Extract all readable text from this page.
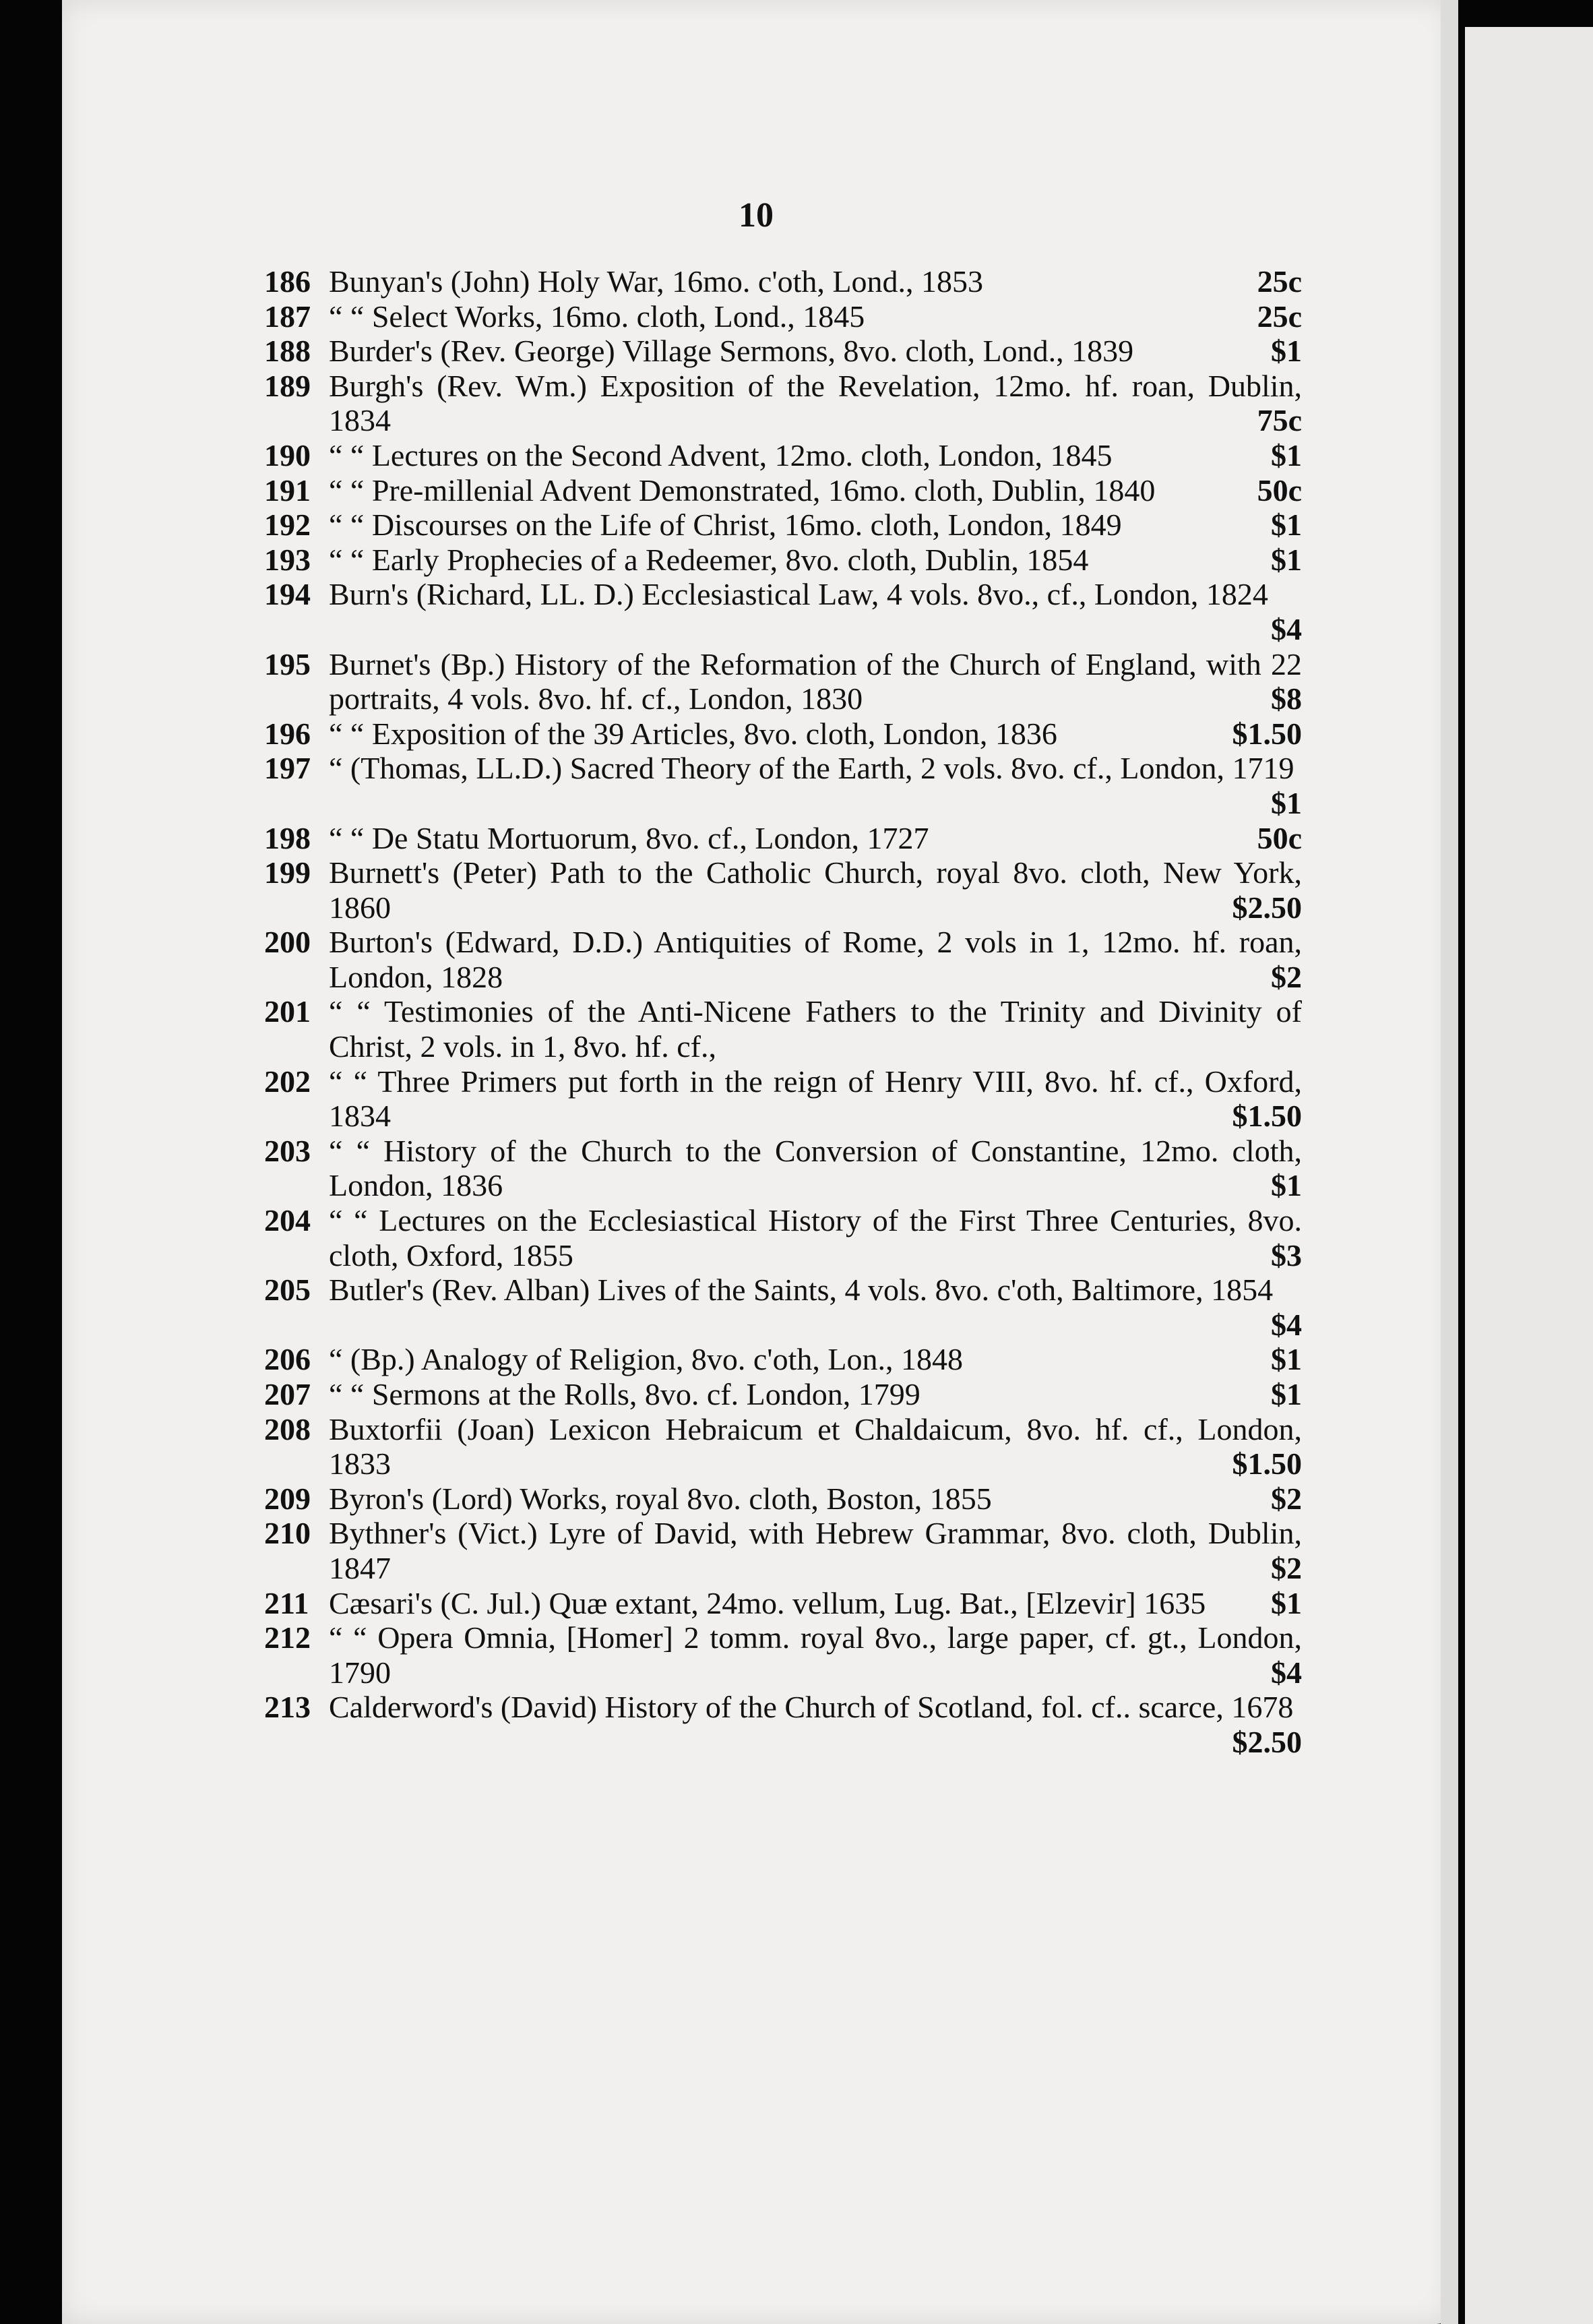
10
186 Bunyan's (John) Holy War, 16mo. c'oth, Lond., 1853	25c
187 “ “ Select Works, 16mo. cloth, Lond., 1845	25c
188 Burder's (Rev. George) Village Sermons, 8vo. cloth, Lond., 1839	$1
189 Burgh's (Rev. Wm.) Exposition of the Revelation, 12mo. hf. roan, Dublin, 1834	75c
190 “ “ Lectures on the Second Advent, 12mo. cloth, London, 1845	$1
191 “ “ Pre-millenial Advent Demonstrated, 16mo. cloth, Dublin, 1840	50c
192 “ “ Discourses on the Life of Christ, 16mo. cloth, London, 1849	$1
193 “ “ Early Prophecies of a Redeemer, 8vo. cloth, Dublin, 1854	$1
194 Burn's (Richard, LL. D.) Ecclesiastical Law, 4 vols. 8vo., cf., London, 1824
$4
195 Burnet's (Bp.) History of the Reformation of the Church of England, with 22 portraits, 4 vols. 8vo. hf. cf., London, 1830	$8
196 “ “ Exposition of the 39 Articles, 8vo. cloth, London, 1836	$1.50
197 “ (Thomas, LL.D.) Sacred Theory of the Earth, 2 vols. 8vo. cf., London, 1719
$1
198 “ “ De Statu Mortuorum, 8vo. cf., London, 1727	50c
199 Burnett's (Peter) Path to the Catholic Church, royal 8vo. cloth, New York, 1860	$2.50
200 Burton's (Edward, D.D.) Antiquities of Rome, 2 vols in 1, 12mo. hf. roan, London, 1828	$2
201 “ “ Testimonies of the Anti-Nicene Fathers to the Trinity and Divinity of Christ, 2 vols. in 1, 8vo. hf. cf.,
202 “ “ Three Primers put forth in the reign of Henry VIII, 8vo. hf. cf., Oxford, 1834	$1.50
203 “ “ History of the Church to the Conversion of Constantine, 12mo. cloth, London, 1836	$1
204 “ “ Lectures on the Ecclesiastical History of the First Three Centuries, 8vo. cloth, Oxford, 1855	$3
205 Butler's (Rev. Alban) Lives of the Saints, 4 vols. 8vo. c'oth, Baltimore, 1854
$4
206 “ (Bp.) Analogy of Religion, 8vo. c'oth, Lon., 1848	$1
207 “ “ Sermons at the Rolls, 8vo. cf. London, 1799	$1
208 Buxtorfii (Joan) Lexicon Hebraicum et Chaldaicum, 8vo. hf. cf., London, 1833	$1.50
209 Byron's (Lord) Works, royal 8vo. cloth, Boston, 1855	$2
210 Bythner's (Vict.) Lyre of David, with Hebrew Grammar, 8vo. cloth, Dublin, 1847	$2
211 Cæsari's (C. Jul.) Quæ extant, 24mo. vellum, Lug. Bat., [Elzevir] 1635	$1
212 “ “ Opera Omnia, [Homer] 2 tomm. royal 8vo., large paper, cf. gt., London, 1790	$4
213 Calderword's (David) History of the Church of Scotland, fol. cf.. scarce, 1678
$2.50
